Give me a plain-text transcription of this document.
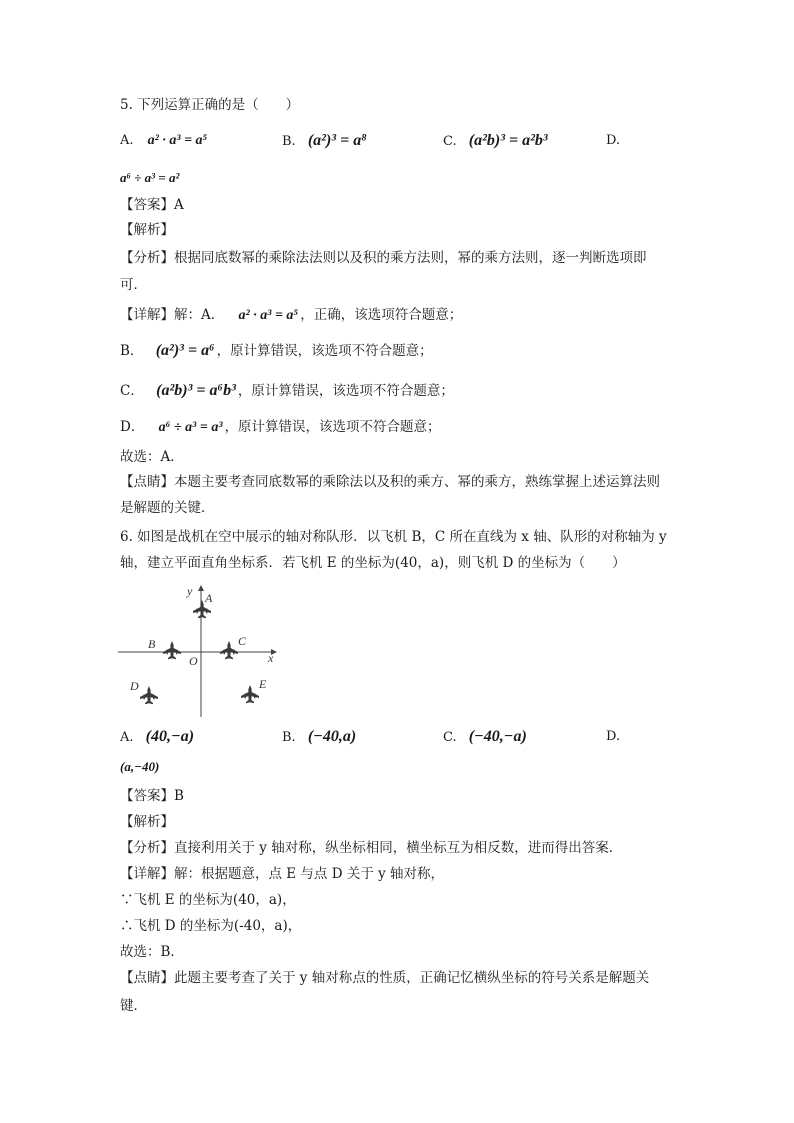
5. 下列运算正确的是（　　）
A. a² · a³ = a⁵	B. (a²)³ = a⁸	C. (a²b)³ = a²b³	D.
a⁶ ÷ a³ = a²
【答案】A
【解析】
【分析】根据同底数幂的乘除法法则以及积的乘方法则，幂的乘方法则，逐一判断选项即
可．
【详解】解：A． a² · a³ = a⁵ ，正确，该选项符合题意；
B． (a²)³ = a⁶ ，原计算错误，该选项不符合题意；
C． (a²b)³ = a⁶b³ ，原计算错误，该选项不符合题意；
D． a⁶ ÷ a³ = a³ ，原计算错误，该选项不符合题意；
故选：A．
【点睛】本题主要考查同底数幂的乘除法以及积的乘方、幂的乘方，熟练掌握上述运算法则
是解题的关键．
6. 如图是战机在空中展示的轴对称队形．以飞机 B，C 所在直线为 x 轴、队形的对称轴为 y
轴，建立平面直角坐标系．若飞机 E 的坐标为(40，a)，则飞机 D 的坐标为（　　）
x
y
O
A
B	C
D	E
A. (40,−a)	B. (−40,a)	C. (−40,−a)	D.
(a,−40)
【答案】B
【解析】
【分析】直接利用关于 y 轴对称，纵坐标相同，横坐标互为相反数，进而得出答案．
【详解】解：根据题意，点 E 与点 D 关于 y 轴对称，
∵飞机 E 的坐标为(40，a)，
∴飞机 D 的坐标为(-40，a)，
故选：B．
【点睛】此题主要考查了关于 y 轴对称点的性质，正确记忆横纵坐标的符号关系是解题关
键．
